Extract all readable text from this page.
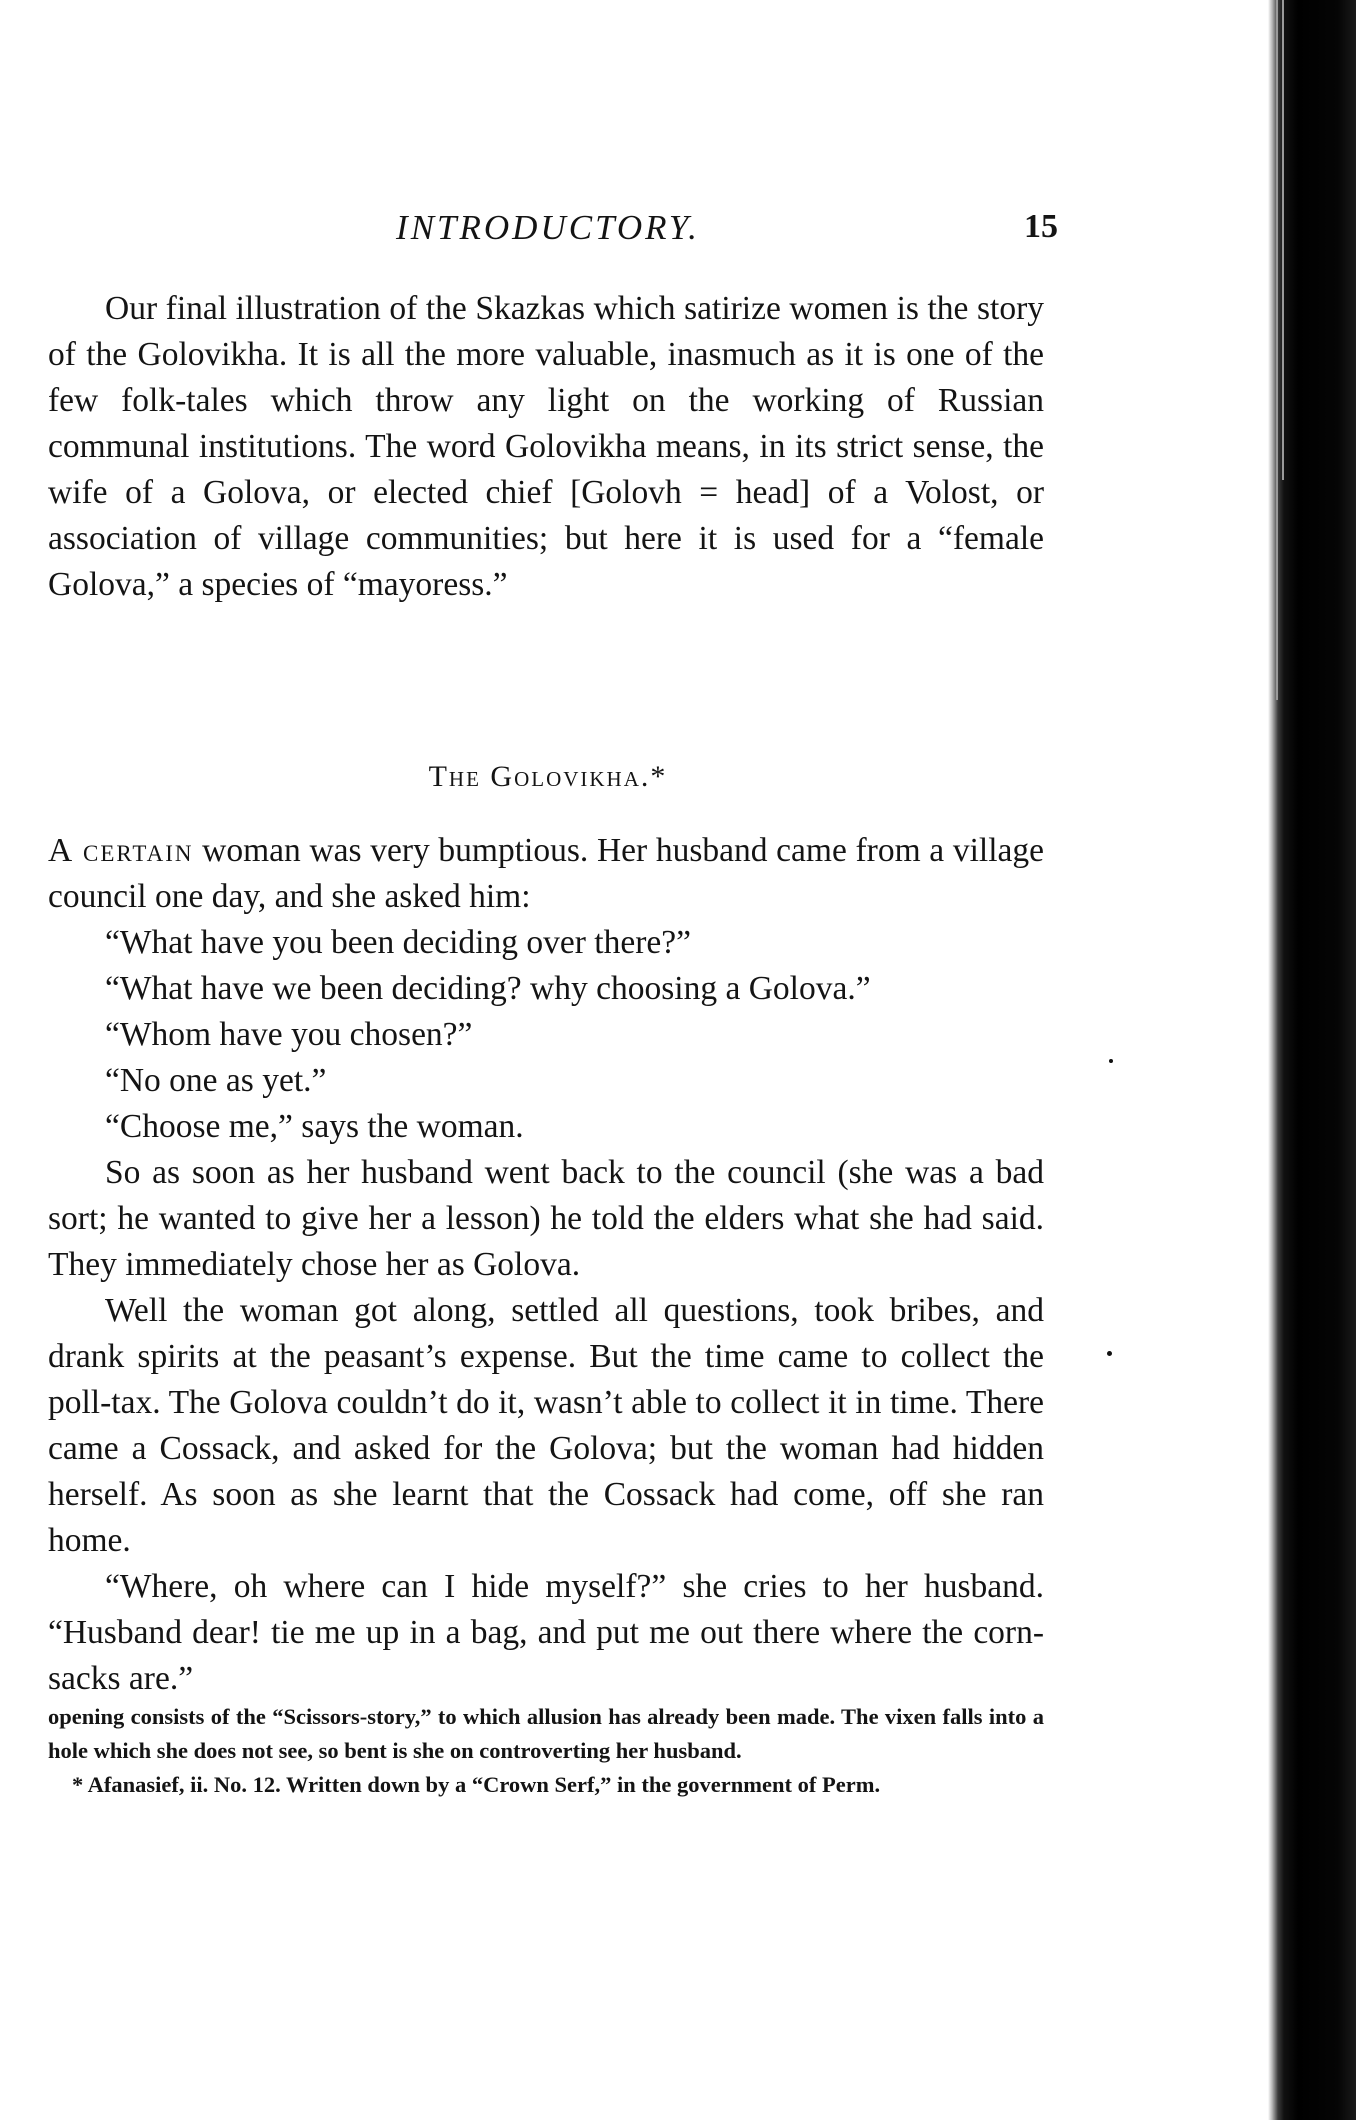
INTRODUCTORY.	15

Our final illustration of the Skazkas which satirize women is the story of the Golovikha. It is all the more valuable, inasmuch as it is one of the few folk-tales which throw any light on the working of Russian communal institutions. The word Golovikha means, in its strict sense, the wife of a Golova, or elected chief [Golovh = head] of a Volost, or association of village communities; but here it is used for a “female Golova,” a species of “mayoress.”

The Golovikha.*

A certain woman was very bumptious. Her husband came from a village council one day, and she asked him:

“What have you been deciding over there?”
“What have we been deciding? why choosing a Golova.”
“Whom have you chosen?”
“No one as yet.”
“Choose me,” says the woman.

So as soon as her husband went back to the council (she was a bad sort; he wanted to give her a lesson) he told the elders what she had said. They immediately chose her as Golova.

Well the woman got along, settled all questions, took bribes, and drank spirits at the peasant’s expense. But the time came to collect the poll-tax. The Golova couldn’t do it, wasn’t able to collect it in time. There came a Cossack, and asked for the Golova; but the woman had hidden herself. As soon as she learnt that the Cossack had come, off she ran home.

“Where, oh where can I hide myself?” she cries to her husband. “Husband dear! tie me up in a bag, and put me out there where the corn-sacks are.”

opening consists of the “Scissors-story,” to which allusion has already been made. The vixen falls into a hole which she does not see, so bent is she on controverting her husband.

* Afanasief, ii. No. 12. Written down by a “Crown Serf,” in the government of Perm.
